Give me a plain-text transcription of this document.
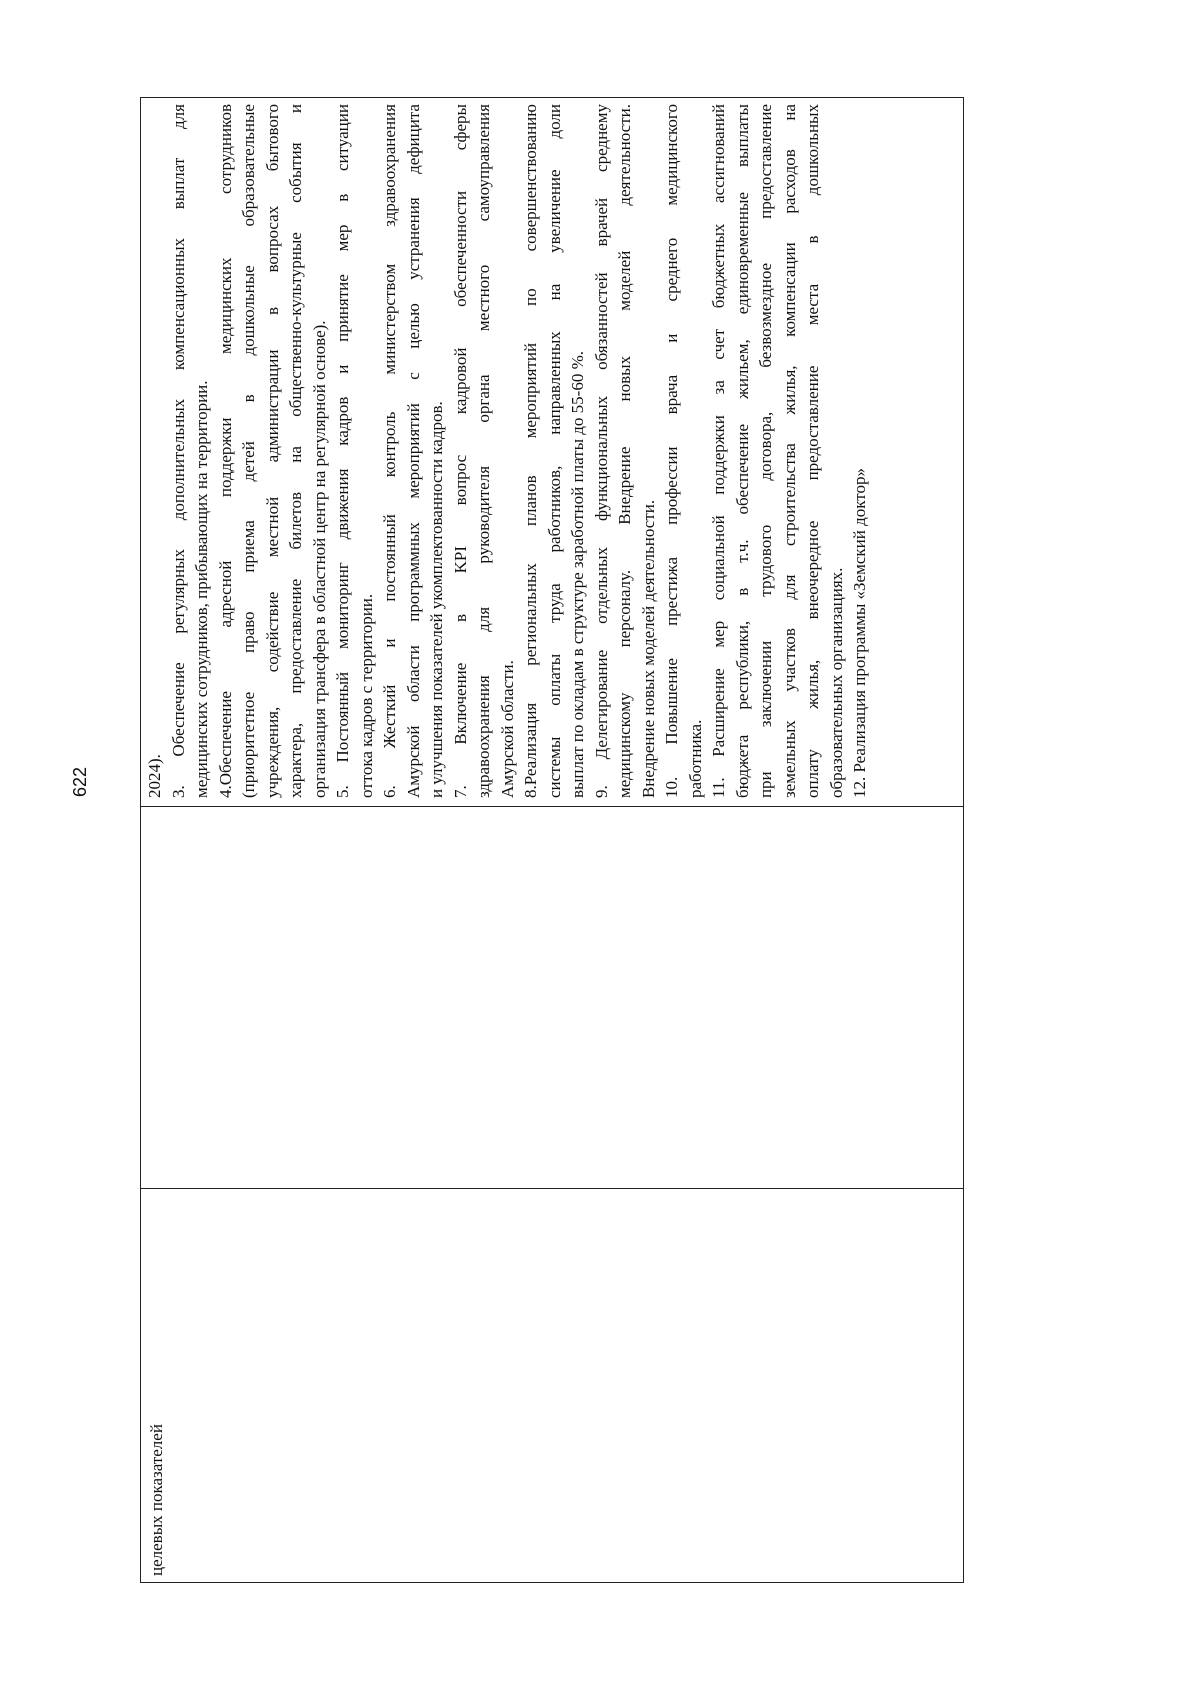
622
целевых показателей
2024). 3. Обеспечение регулярных дополнительных компенсационных выплат для медицинских сотрудников, прибывающих на территории. 4.Обеспечение адресной поддержки медицинских сотрудников (приоритетное право приема детей в дошкольные образовательные учреждения, содействие местной администрации в вопросах бытового характера, предоставление билетов на общественно-культурные события и организация трансфера в областной центр на регулярной основе). 5. Постоянный мониторинг движения кадров и принятие мер в ситуации оттока кадров с территории. 6. Жесткий и постоянный контроль министерством здравоохранения Амурской области программных мероприятий с целью устранения дефицита и улучшения показателей укомплектованности кадров. 7. Включение в KPI вопрос кадровой обеспеченности сферы здравоохранения для руководителя органа местного самоуправления Амурской области. 8.Реализация региональных планов мероприятий по совершенствованию системы оплаты труда работников, направленных на увеличение доли выплат по окладам в структуре заработной платы до 55-60 %. 9. Делегирование отдельных функциональных обязанностей врачей среднему медицинскому персоналу. Внедрение новых моделей деятельности. Внедрение новых моделей деятельности. 10. Повышение престижа профессии врача и среднего медицинского работника. 11. Расширение мер социальной поддержки за счет бюджетных ассигнований бюджета республики, в т.ч. обеспечение жильем, единовременные выплаты при заключении трудового договора, безвозмездное предоставление земельных участков для строительства жилья, компенсации расходов на оплату жилья, внеочередное предоставление места в дошкольных образовательных организациях. 12. Реализация программы «Земский доктор»
